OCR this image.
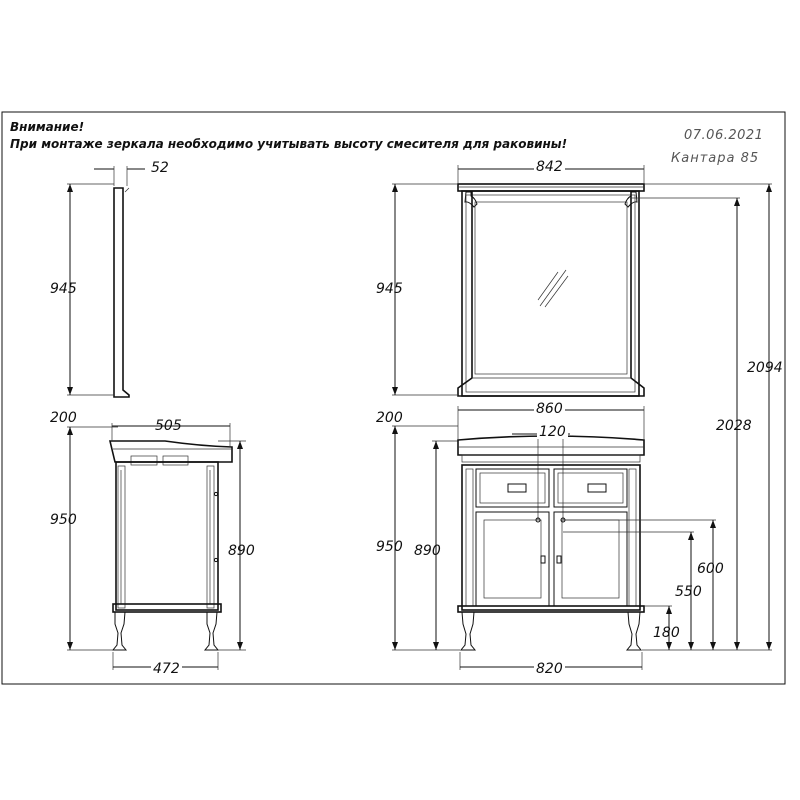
Внимание!
При монтаже зеркала необходимо учитывать высоту смесителя для раковины!
07.06.2021
Кантара 85
52
945
200	505
950
890
472
842
945
2094
2028
200
860
120
950 890
600
550
180
820
